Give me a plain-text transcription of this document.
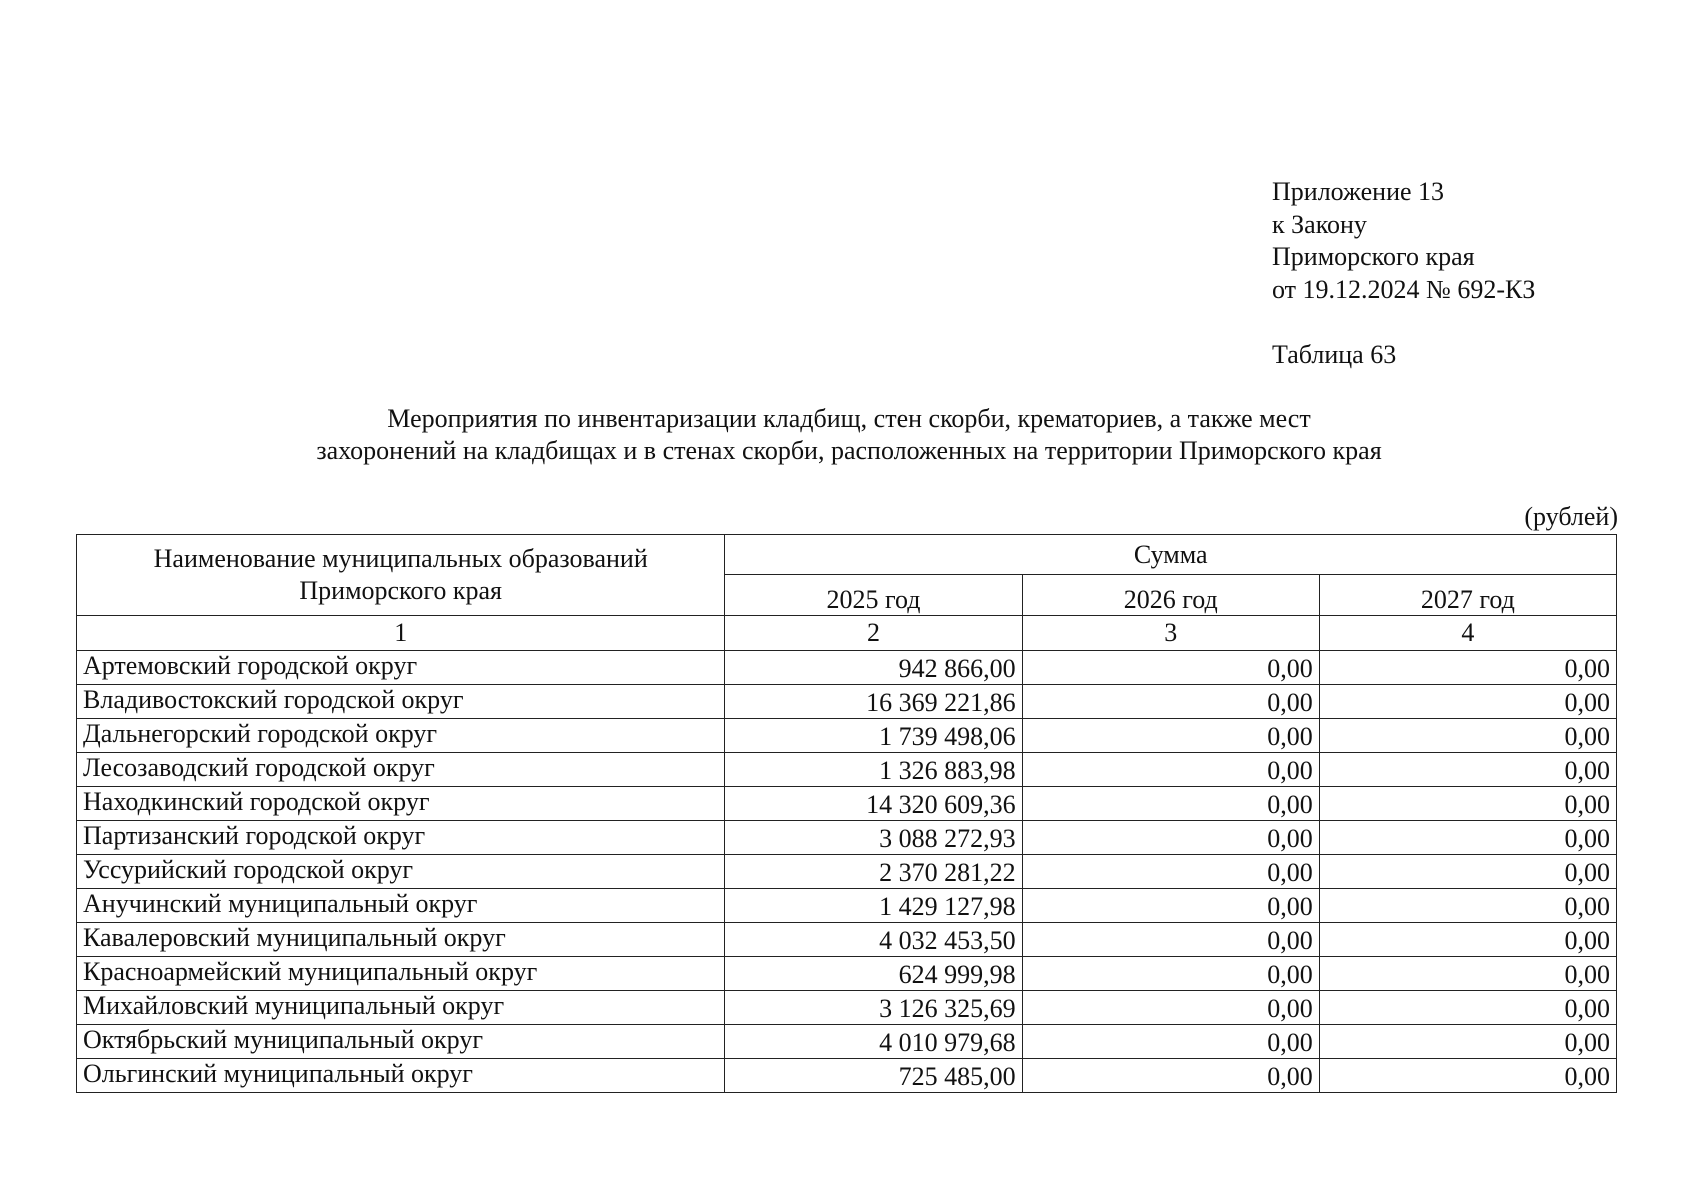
Приложение 13
к Закону
Приморского края
от 19.12.2024 № 692-КЗ
Таблица 63
Мероприятия по инвентаризации кладбищ, стен скорби, крематориев, а также мест
захоронений на кладбищах и в стенах скорби, расположенных на территории Приморского края
(рублей)
Наименование муниципальных образований
Приморского края	Сумма		
	2025 год	2026 год	2027 год
1	2	3	4
Артемовский городской округ	942 866,00	0,00	0,00
Владивостокский городской округ	16 369 221,86	0,00	0,00
Дальнегорский городской округ	1 739 498,06	0,00	0,00
Лесозаводский городской округ	1 326 883,98	0,00	0,00
Находкинский городской округ	14 320 609,36	0,00	0,00
Партизанский городской округ	3 088 272,93	0,00	0,00
Уссурийский городской округ	2 370 281,22	0,00	0,00
Анучинский муниципальный округ	1 429 127,98	0,00	0,00
Кавалеровский муниципальный округ	4 032 453,50	0,00	0,00
Красноармейский муниципальный округ	624 999,98	0,00	0,00
Михайловский муниципальный округ	3 126 325,69	0,00	0,00
Октябрьский муниципальный округ	4 010 979,68	0,00	0,00
Ольгинский муниципальный округ	725 485,00	0,00	0,00
